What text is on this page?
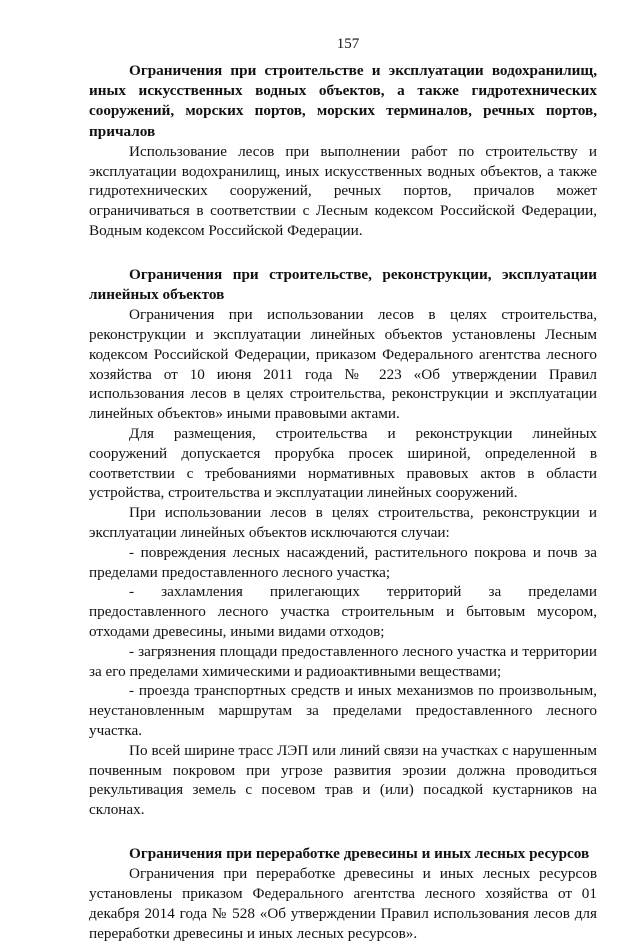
157
Ограничения при строительстве и эксплуатации водохранилищ, иных искусственных водных объектов, а также гидротехнических сооружений, морских портов, морских терминалов, речных портов, причалов

Использование лесов при выполнении работ по строительству и эксплуатации водохранилищ, иных искусственных водных объектов, а также гидротехнических сооружений, речных портов, причалов может ограничиваться в соответствии с Лесным кодексом Российской Федерации, Водным кодексом Российской Федерации.

Ограничения при строительстве, реконструкции, эксплуатации линейных объектов

Ограничения при использовании лесов в целях строительства, реконструкции и эксплуатации линейных объектов установлены Лесным кодексом Российской Федерации, приказом Федерального агентства лесного хозяйства от 10 июня 2011 года № 223 «Об утверждении Правил использования лесов в целях строительства, реконструкции и эксплуатации линейных объектов» иными правовыми актами.

Для размещения, строительства и реконструкции линейных сооружений допускается прорубка просек шириной, определенной в соответствии с требованиями нормативных правовых актов в области устройства, строительства и эксплуатации линейных сооружений.

При использовании лесов в целях строительства, реконструкции и эксплуатации линейных объектов исключаются случаи:

- повреждения лесных насаждений, растительного покрова и почв за пределами предоставленного лесного участка;

- захламления прилегающих территорий за пределами предоставленного лесного участка строительным и бытовым мусором, отходами древесины, иными видами отходов;

- загрязнения площади предоставленного лесного участка и территории за его пределами химическими и радиоактивными веществами;

- проезда транспортных средств и иных механизмов по произвольным, неустановленным маршрутам за пределами предоставленного лесного участка.

По всей ширине трасс ЛЭП или линий связи на участках с нарушенным почвенным покровом при угрозе развития эрозии должна проводиться рекультивация земель с посевом трав и (или) посадкой кустарников на склонах.

Ограничения при переработке древесины и иных лесных ресурсов

Ограничения при переработке древесины и иных лесных ресурсов установлены приказом Федерального агентства лесного хозяйства от 01 декабря 2014 года № 528 «Об утверждении Правил использования лесов для переработки древесины и иных лесных ресурсов».
